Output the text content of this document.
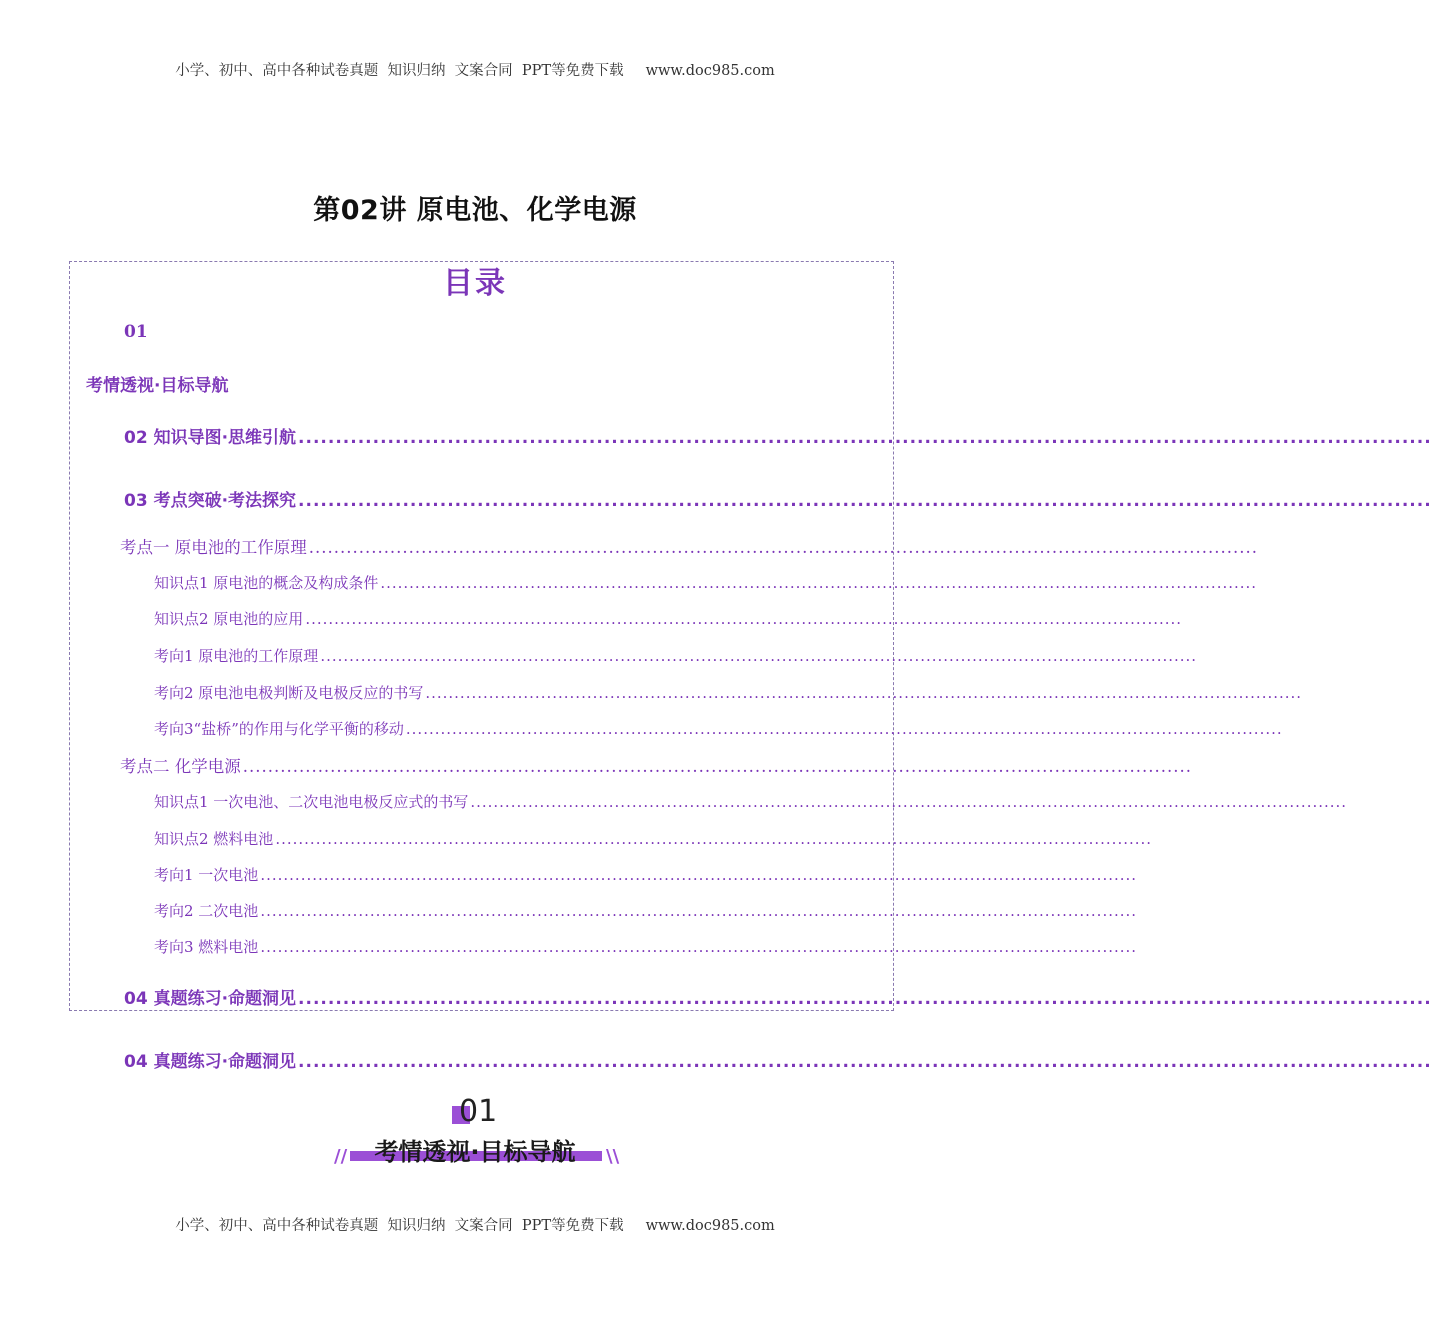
小学、初中、高中各种试卷真题  知识归纳  文案合同  PPT等免费下载 www.doc985.com
第02讲 原电池、化学电源
目录
01
考情透视·目标导航
02 知识导图·思维引航 ........................................................................................................................................................
03 考点突破·考法探究 ........................................................................................................................................................
考点一 原电池的工作原理 ........................................................................................................................................................
知识点1 原电池的概念及构成条件 ........................................................................................................................................................
知识点2 原电池的应用 ........................................................................................................................................................
考向1 原电池的工作原理 ........................................................................................................................................................
考向2 原电池电极判断及电极反应的书写 ........................................................................................................................................................
考向3“盐桥”的作用与化学平衡的移动 ........................................................................................................................................................
考点二 化学电源 ........................................................................................................................................................
知识点1 一次电池、二次电池电极反应式的书写 ........................................................................................................................................................
知识点2 燃料电池 ........................................................................................................................................................
考向1 一次电池 ........................................................................................................................................................
考向2 二次电池 ........................................................................................................................................................
考向3 燃料电池 ........................................................................................................................................................
04 真题练习·命题洞见 ........................................................................................................................................................
04 真题练习·命题洞见 ........................................................................................................................................................
01
//	考情透视·目标导航	\\
小学、初中、高中各种试卷真题  知识归纳  文案合同  PPT等免费下载 www.doc985.com
